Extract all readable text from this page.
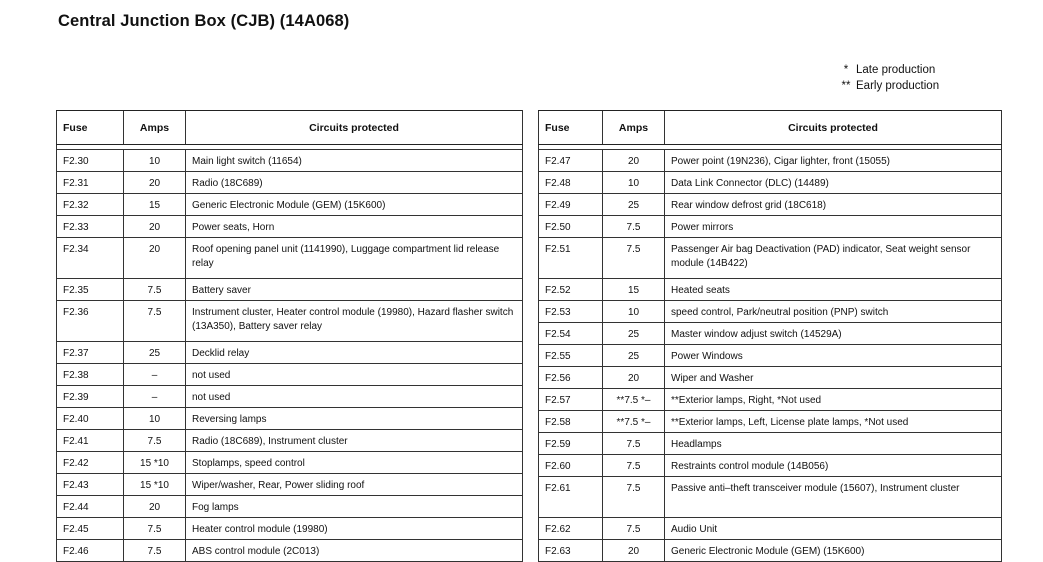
Central Junction Box (CJB) (14A068)
* Late production
** Early production
Fuse	Amps	Circuits protected

F2.30	10	Main light switch (11654)
F2.31	20	Radio (18C689)
F2.32	15	Generic Electronic Module (GEM) (15K600)
F2.33	20	Power seats, Horn
F2.34	20	Roof opening panel unit (1141990), Luggage compartment lid release relay
F2.35	7.5	Battery saver
F2.36	7.5	Instrument cluster, Heater control module (19980), Hazard flasher switch (13A350), Battery saver relay
F2.37	25	Decklid relay
F2.38	–	not used
F2.39	–	not used
F2.40	10	Reversing lamps
F2.41	7.5	Radio (18C689), Instrument cluster
F2.42	15 *10	Stoplamps, speed control
F2.43	15 *10	Wiper/washer, Rear, Power sliding roof
F2.44	20	Fog lamps
F2.45	7.5	Heater control module (19980)
F2.46	7.5	ABS control module (2C013)
Fuse	Amps	Circuits protected

F2.47	20	Power point (19N236), Cigar lighter, front (15055)
F2.48	10	Data Link Connector (DLC) (14489)
F2.49	25	Rear window defrost grid (18C618)
F2.50	7.5	Power mirrors
F2.51	7.5	Passenger Air bag Deactivation (PAD) indicator, Seat weight sensor module (14B422)
F2.52	15	Heated seats
F2.53	10	speed control, Park/neutral position (PNP) switch
F2.54	25	Master window adjust switch (14529A)
F2.55	25	Power Windows
F2.56	20	Wiper and Washer
F2.57	**7.5 *–	**Exterior lamps, Right, *Not used
F2.58	**7.5 *–	**Exterior lamps, Left, License plate lamps, *Not used
F2.59	7.5	Headlamps
F2.60	7.5	Restraints control module (14B056)
F2.61	7.5	Passive anti–theft transceiver module (15607), Instrument cluster
F2.62	7.5	Audio Unit
F2.63	20	Generic Electronic Module (GEM) (15K600)
